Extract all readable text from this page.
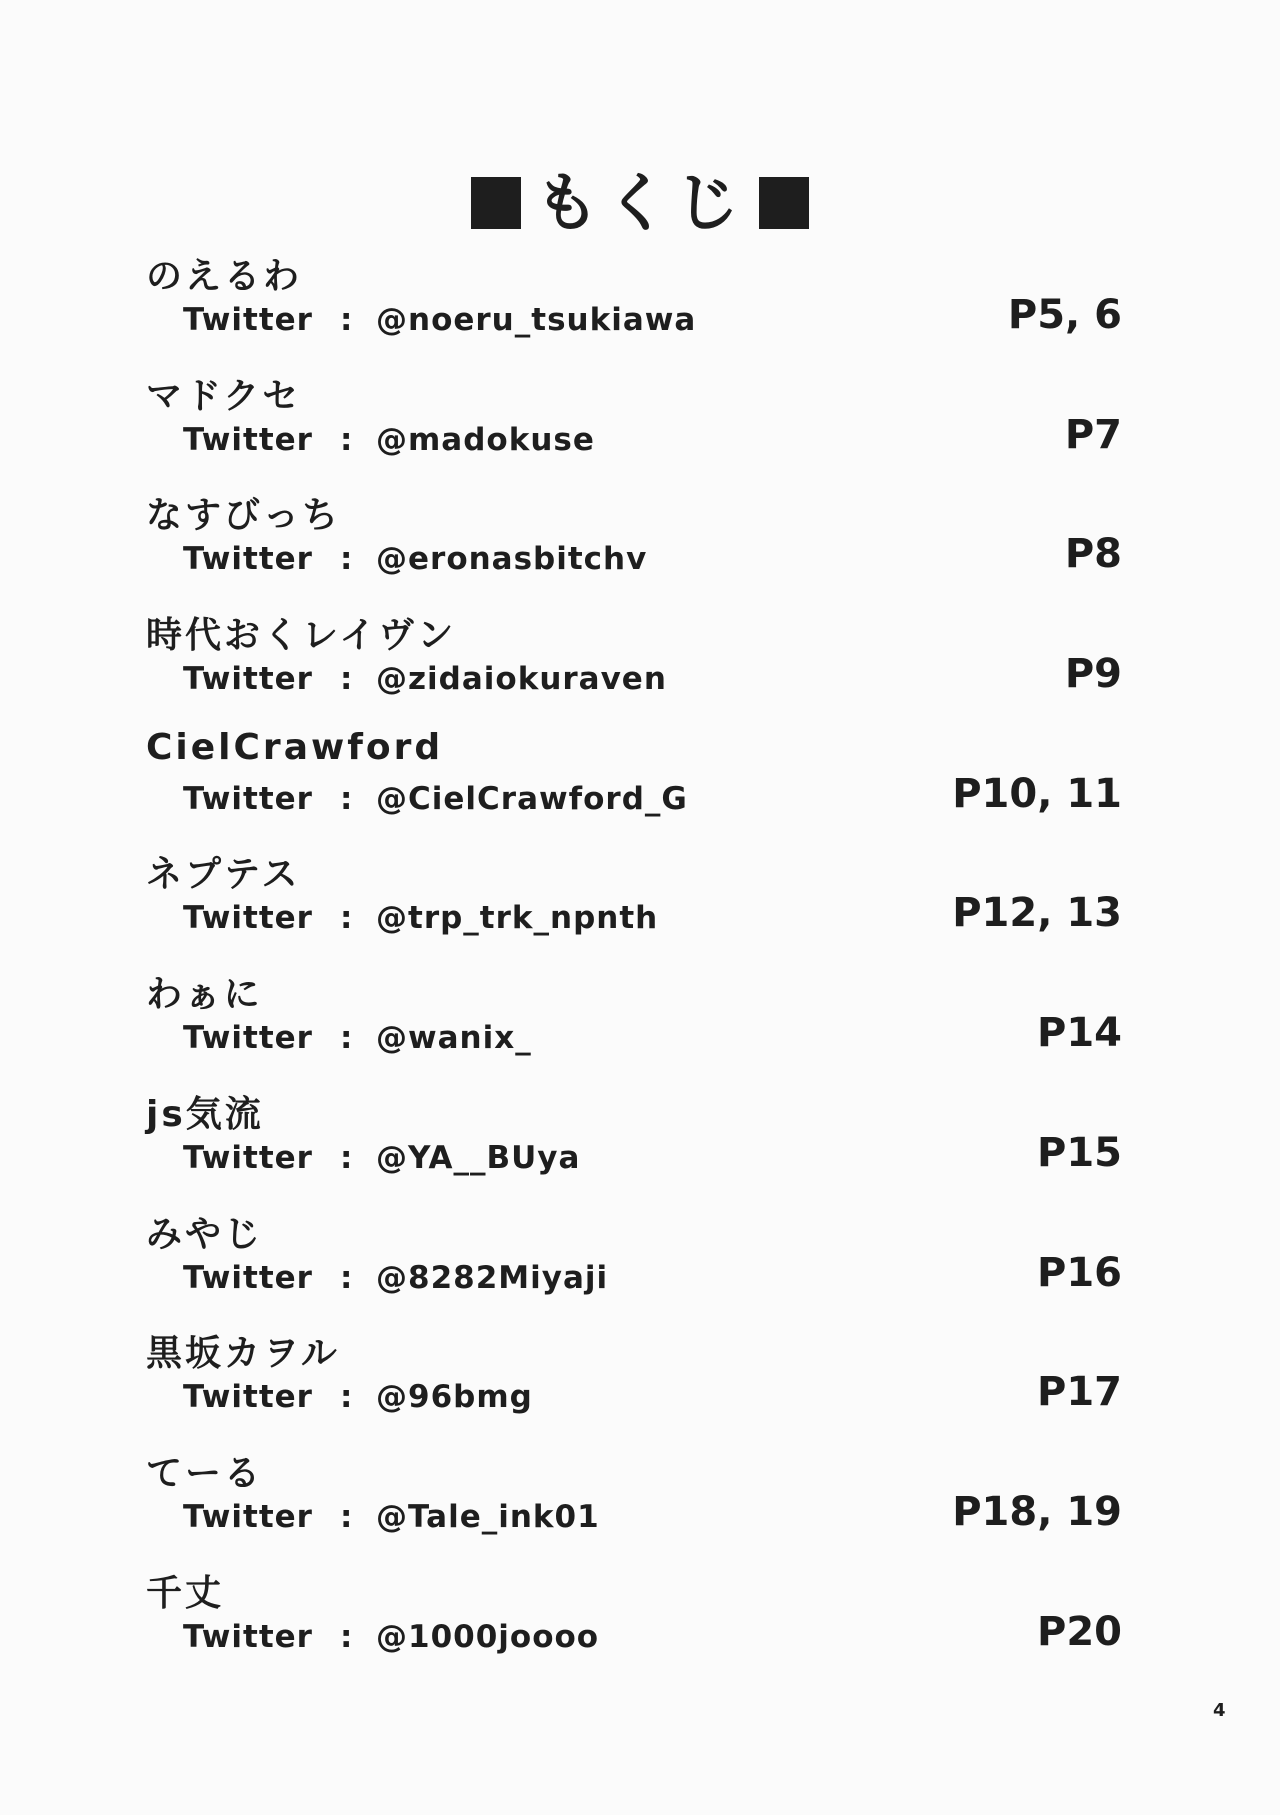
もくじ
のえるわ
Twitter : @noeru_tsukiawa	P5, 6
マドクセ
Twitter : @madokuse	P7
なすびっち
Twitter : @eronasbitchv	P8
時代おくレイヴン
Twitter : @zidaiokuraven	P9
CielCrawford
Twitter : @CielCrawford_G	P10, 11
ネプテス
Twitter : @trp_trk_npnth	P12, 13
わぁに
Twitter : @wanix_	P14
js気流
Twitter : @YA__BUya	P15
みやじ
Twitter : @8282Miyaji	P16
黒坂カヲル
Twitter : @96bmg	P17
てーる
Twitter : @Tale_ink01	P18, 19
千丈
Twitter : @1000joooo	P20
4
